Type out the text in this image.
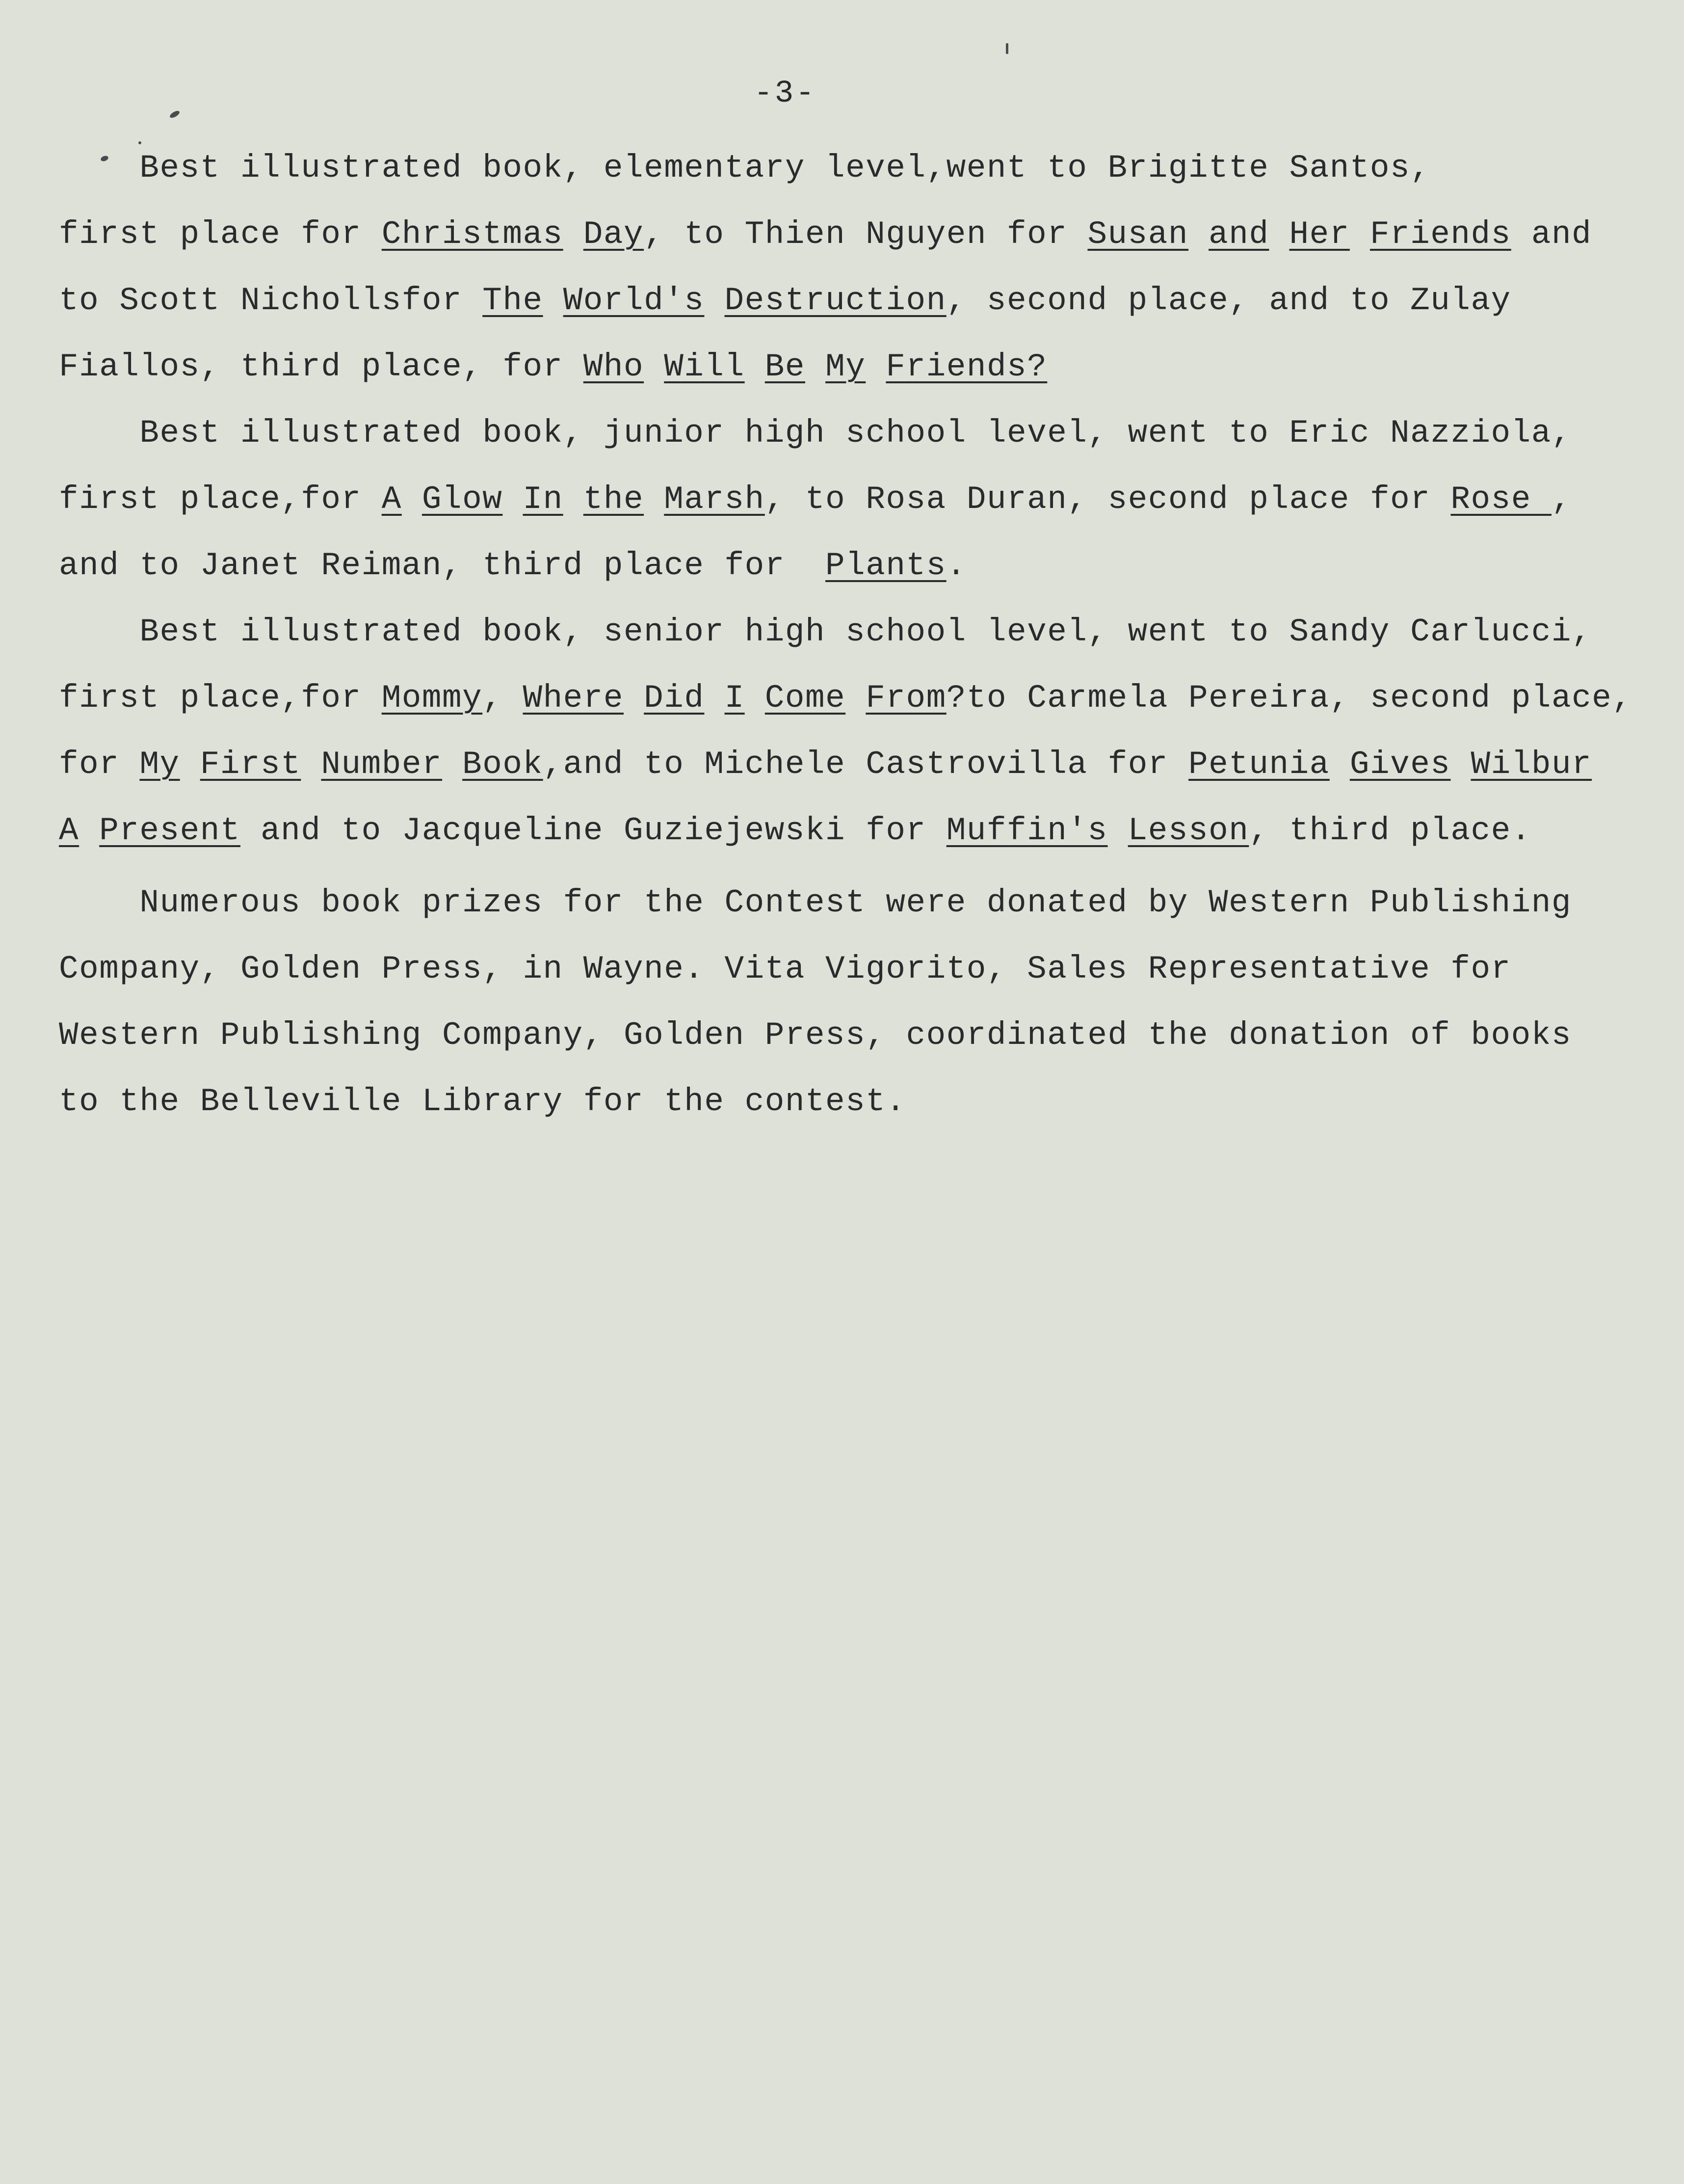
-3-
Best illustrated book, elementary level,went to Brigitte Santos,
first place for Christmas Day, to Thien Nguyen for Susan and Her Friends and
to Scott Nichollsfor The World's Destruction, second place, and to Zulay
Fiallos, third place, for Who Will Be My Friends?
Best illustrated book, junior high school level, went to Eric Nazziola,
first place,for A Glow In the Marsh, to Rosa Duran, second place for Rose ,
and to Janet Reiman, third place for  Plants.
Best illustrated book, senior high school level, went to Sandy Carlucci,
first place,for Mommy, Where Did I Come From?to Carmela Pereira, second place,
for My First Number Book,and to Michele Castrovilla for Petunia Gives Wilbur
A Present and to Jacqueline Guziejewski for Muffin's Lesson, third place.
Numerous book prizes for the Contest were donated by Western Publishing
Company, Golden Press, in Wayne. Vita Vigorito, Sales Representative for
Western Publishing Company, Golden Press, coordinated the donation of books
to the Belleville Library for the contest.
